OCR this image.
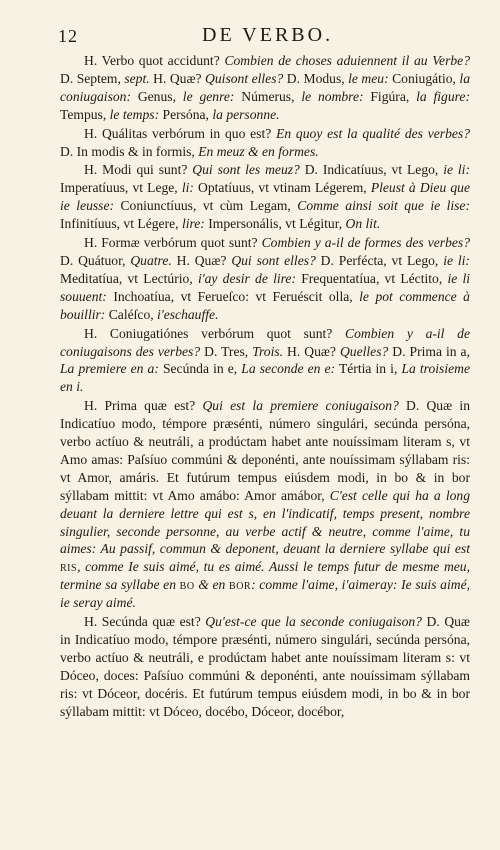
12	DE VERBO.

H. Verbo quot accidunt? Combien de choses aduiennent il au Verbe? D. Septem, sept. H. Quæ? Quisont elles? D. Modus, le meu: Coniugátio, la coniugaison: Genus, le genre: Númerus, le nombre: Figúra, la figure: Tempus, le temps: Persóna, la personne.

H. Quálitas verbórum in quo est? En quoy est la qualité des verbes? D. In modis & in formis, En meuz & en formes.

H. Modi qui sunt? Qui sont les meuz? D. Indicatíuus, vt Lego, ie li: Imperatíuus, vt Lege, li: Optatíuus, vt vtinam Légerem, Pleust à Dieu que ie leusse: Coniunctíuus, vt cùm Legam, Comme ainsi soit que ie lise: Infinitíuus, vt Légere, lire: Impersonális, vt Légitur, On lit.

H. Formæ verbórum quot sunt? Combien y a-il de formes des verbes? D. Quátuor, Quatre. H. Quæ? Qui sont elles? D. Perfécta, vt Lego, ie li: Meditatíua, vt Lectúrio, i'ay desir de lire: Frequentatíua, vt Léctito, ie li souuent: Inchoatíua, vt Ferueſco: vt Feruéscit olla, le pot commence à bouillir: Caléſco, i'eschauffe.

H. Coniugatiónes verbórum quot sunt? Combien y a-il de coniugaisons des verbes? D. Tres, Trois. H. Quæ? Quelles? D. Prima in a, La premiere en a: Secúnda in e, La seconde en e: Tértia in i, La troisieme en i.

H. Prima quæ est? Qui est la premiere coniugaison? D. Quæ in Indicatíuo modo, témpore præsénti, número singulári, secúnda persóna, verbo actíuo & neutráli, a prodúctam habet ante nouíssimam literam s, vt Amo amas: Paſsíuo commúni & deponénti, ante nouíssimam sýllabam ris: vt Amor, amáris. Et futúrum tempus eiúsdem modi, in bo & in bor sýllabam mittit: vt Amo amábo: Amor amábor, C'est celle qui ha a long deuant la derniere lettre qui est s, en l'indicatif, temps present, nombre singulier, seconde personne, au verbe actif & neutre, comme l'aime, tu aimes: Au passif, commun & deponent, deuant la derniere syllabe qui est ris, comme Ie suis aimé, tu es aimé. Aussi le temps futur de mesme meu, termine sa syllabe en bo & en bor: comme l'aime, i'aimeray: Ie suis aimé, ie seray aimé.

H. Secúnda quæ est? Qu'est-ce que la seconde coniugaison? D. Quæ in Indicatíuo modo, témpore præsénti, número singulári, secúnda persóna, verbo actíuo & neutráli, e prodúctam habet ante nouíssimam literam s: vt Dóceo, doces: Paſsíuo commúni & deponénti, ante nouíssimam sýllabam ris: vt Dóceor, docéris. Et futúrum tempus eiúsdem modi, in bo & in bor sýllabam mittit: vt Dóceo, docébo, Dóceor, docébor,
